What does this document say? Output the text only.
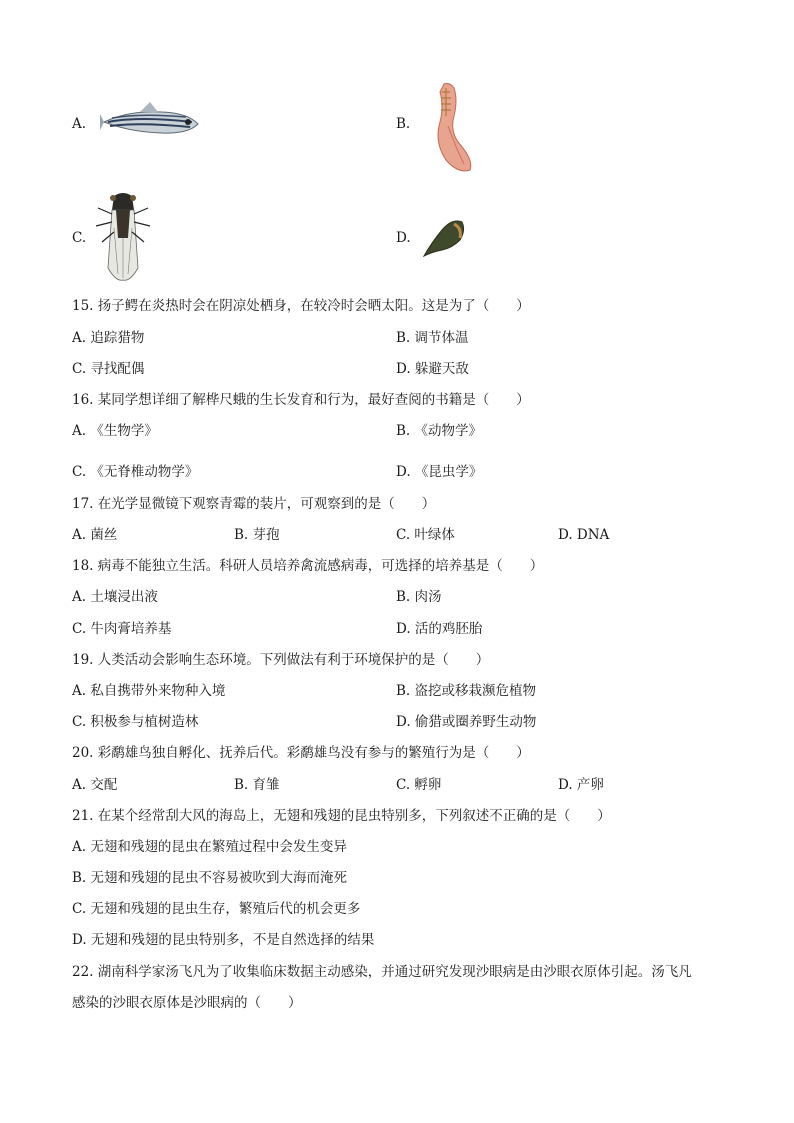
A.	B.
C.	D.
15. 扬子鳄在炎热时会在阴凉处栖身，在较冷时会晒太阳。这是为了（　　）
A. 追踪猎物	B. 调节体温
C. 寻找配偶	D. 躲避天敌
16. 某同学想详细了解桦尺蛾的生长发育和行为，最好查阅的书籍是（　　）
A. 《生物学》	B. 《动物学》
C. 《无脊椎动物学》	D. 《昆虫学》
17. 在光学显微镜下观察青霉的装片，可观察到的是（　　）
A. 菌丝	B. 芽孢	C. 叶绿体	D. DNA
18. 病毒不能独立生活。科研人员培养禽流感病毒，可选择的培养基是（　　）
A. 土壤浸出液	B. 肉汤
C. 牛肉膏培养基	D. 活的鸡胚胎
19. 人类活动会影响生态环境。下列做法有利于环境保护的是（　　）
A. 私自携带外来物种入境	B. 盗挖或移栽濒危植物
C. 积极参与植树造林	D. 偷猎或圈养野生动物
20. 彩鹬雄鸟独自孵化、抚养后代。彩鹬雄鸟没有参与的繁殖行为是（　　）
A. 交配	B. 育雏	C. 孵卵	D. 产卵
21. 在某个经常刮大风的海岛上，无翅和残翅的昆虫特别多，下列叙述不正确的是（　　）
A. 无翅和残翅的昆虫在繁殖过程中会发生变异
B. 无翅和残翅的昆虫不容易被吹到大海而淹死
C. 无翅和残翅的昆虫生存，繁殖后代的机会更多
D. 无翅和残翅的昆虫特别多，不是自然选择的结果
22. 湖南科学家汤飞凡为了收集临床数据主动感染，并通过研究发现沙眼病是由沙眼衣原体引起。汤飞凡
感染的沙眼衣原体是沙眼病的（　　）
